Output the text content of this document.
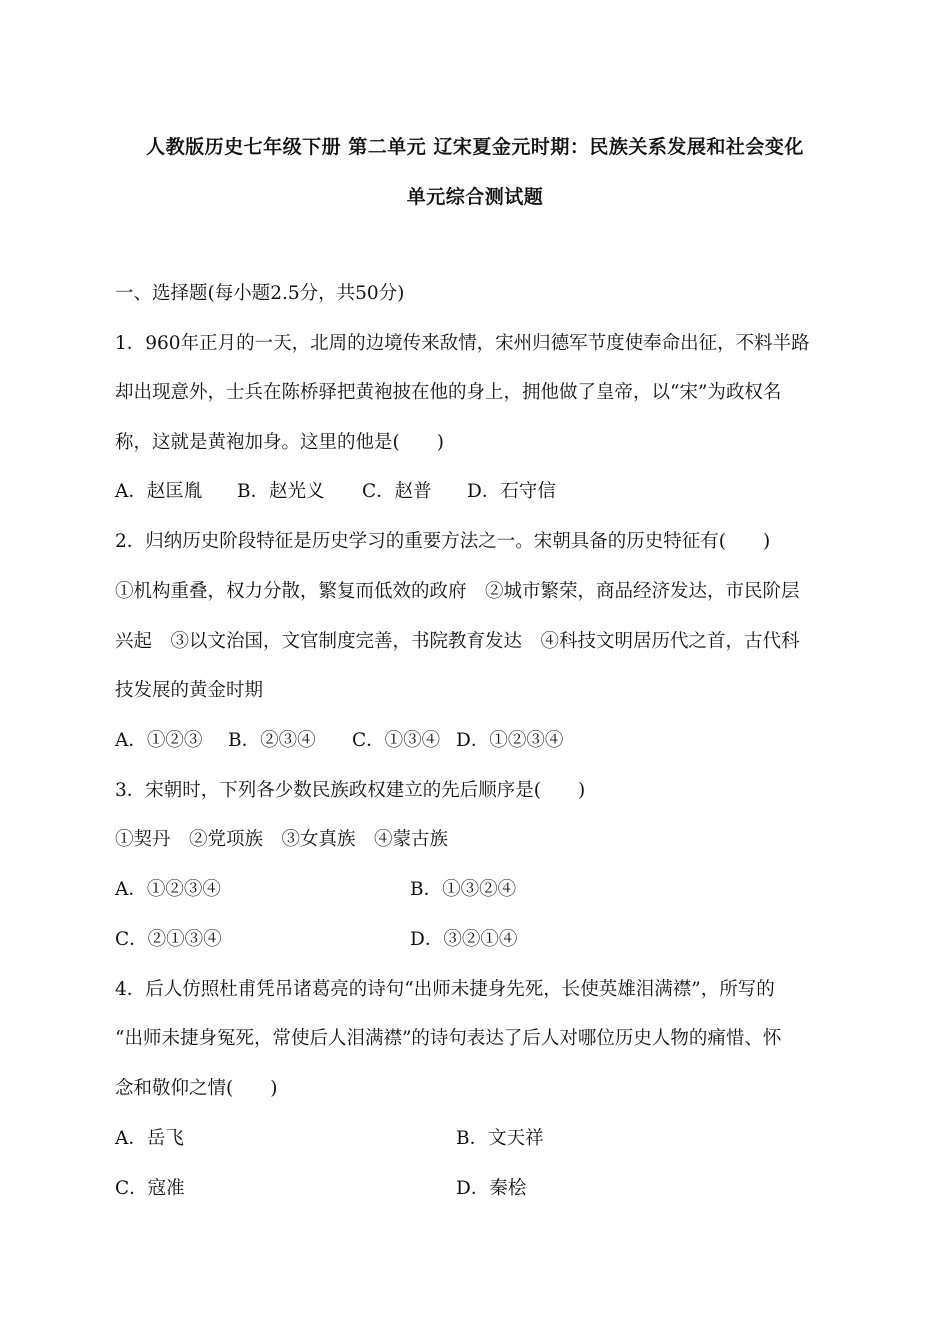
人教版历史七年级下册 第二单元 辽宋夏金元时期：民族关系发展和社会变化
单元综合测试题
一、选择题(每小题2.5分，共50分)
1．960年正月的一天，北周的边境传来敌情，宋州归德军节度使奉命出征，不料半路
却出现意外，士兵在陈桥驿把黄袍披在他的身上，拥他做了皇帝，以“宋”为政权名
称，这就是黄袍加身。这里的他是(　　)
A．赵匡胤 B．赵光义 C．赵普 D．石守信
2．归纳历史阶段特征是历史学习的重要方法之一。宋朝具备的历史特征有(　　)
①机构重叠，权力分散，繁复而低效的政府　②城市繁荣，商品经济发达，市民阶层
兴起　③以文治国，文官制度完善，书院教育发达　④科技文明居历代之首，古代科
技发展的黄金时期
A．①②③ B．②③④ C．①③④ D．①②③④
3．宋朝时，下列各少数民族政权建立的先后顺序是(　　)
①契丹　②党项族　③女真族　④蒙古族
A．①②③④	B．①③②④
C．②①③④	D．③②①④
4．后人仿照杜甫凭吊诸葛亮的诗句“出师未捷身先死，长使英雄泪满襟”，所写的
“出师未捷身冤死，常使后人泪满襟”的诗句表达了后人对哪位历史人物的痛惜、怀
念和敬仰之情(　　)
A．岳飞	B．文天祥
C．寇准	D．秦桧
